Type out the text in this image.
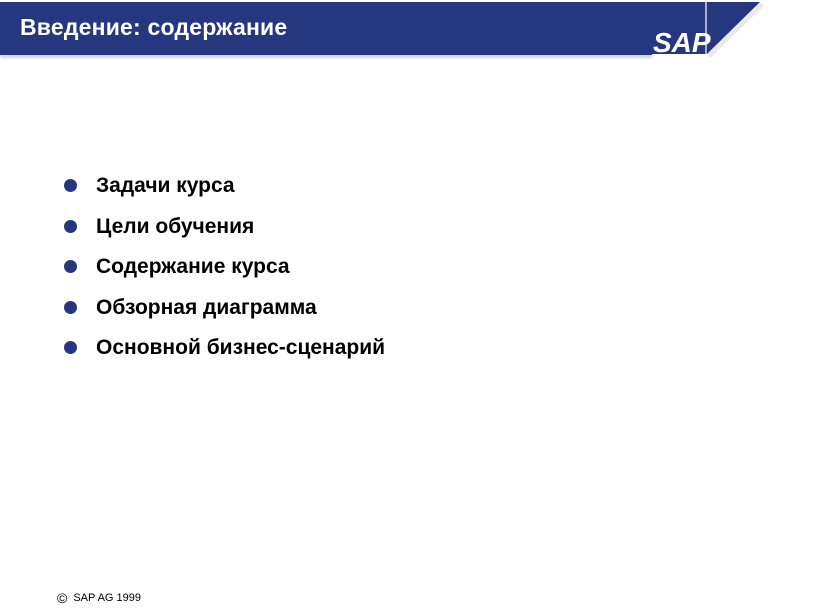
Введение: содержание	SAP
Задачи курса
Цели обучения
Содержание курса
Обзорная диаграмма
Основной бизнес-сценарий
© SAP AG 1999
